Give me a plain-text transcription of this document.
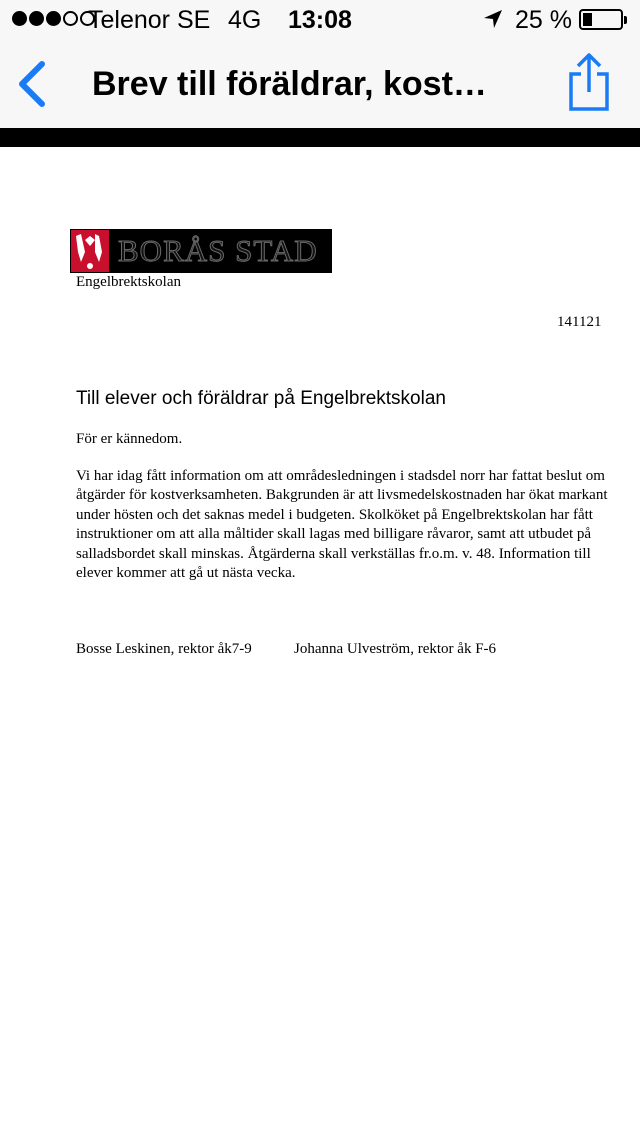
Telenor SE 4G 13:08	25 %
Brev till föräldrar, kost…
BORÅS STAD
Engelbrektskolan
141121
Till elever och föräldrar på Engelbrektskolan
För er kännedom.

Vi har idag fått information om att områdesledningen i stadsdel norr har fattat beslut om åtgärder för kostverksamheten. Bakgrunden är att livsmedelskostnaden har ökat markant under hösten och det saknas medel i budgeten. Skolköket på Engelbrektskolan har fått instruktioner om att alla måltider skall lagas med billigare råvaror, samt att utbudet på salladsbordet skall minskas. Åtgärderna skall verkställas fr.o.m. v. 48. Information till elever kommer att gå ut nästa vecka.

Bosse Leskinen, rektor åk7-9	Johanna Ulveström, rektor åk F-6
